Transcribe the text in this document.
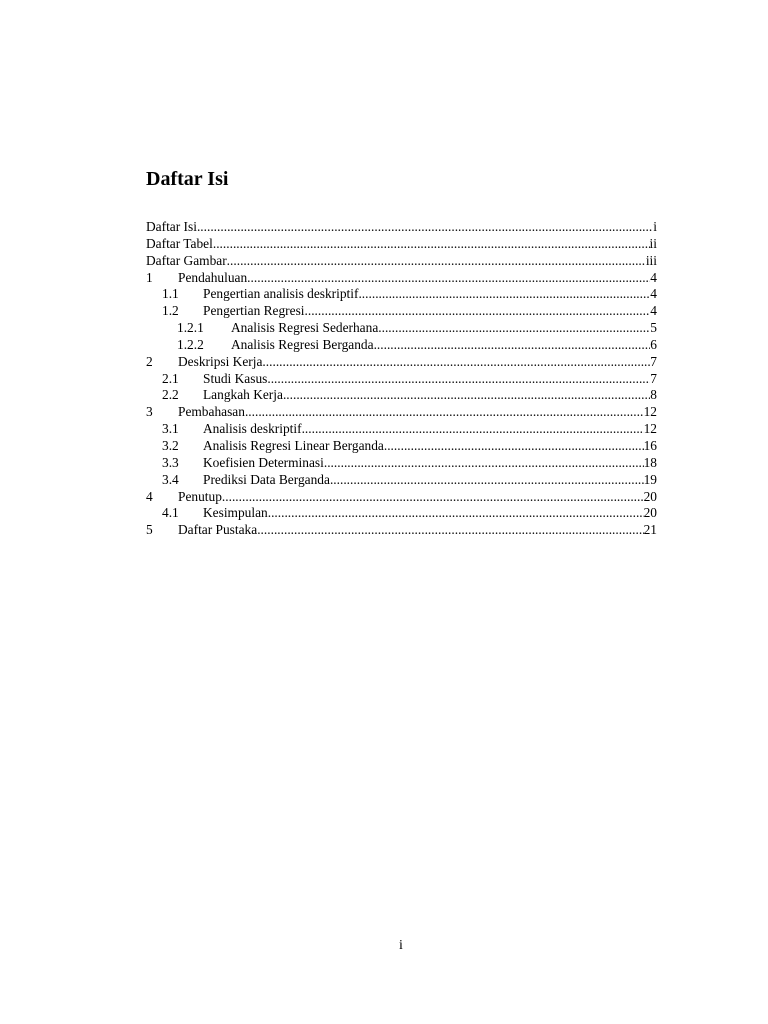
Daftar Isi
Daftar Isi .....	i
Daftar Tabel .....	ii
Daftar Gambar .....	iii
1	Pendahuluan .....	4
1.1	Pengertian analisis deskriptif .....	4
1.2	Pengertian Regresi .....	4
1.2.1	Analisis Regresi Sederhana .....	5
1.2.2	Analisis Regresi Berganda .....	6
2	Deskripsi Kerja .....	7
2.1	Studi Kasus .....	7
2.2	Langkah Kerja .....	8
3	Pembahasan .....	12
3.1	Analisis deskriptif .....	12
3.2	Analisis Regresi Linear Berganda .....	16
3.3	Koefisien Determinasi .....	18
3.4	Prediksi Data Berganda .....	19
4	Penutup .....	20
4.1	Kesimpulan .....	20
5	Daftar Pustaka .....	21
i
